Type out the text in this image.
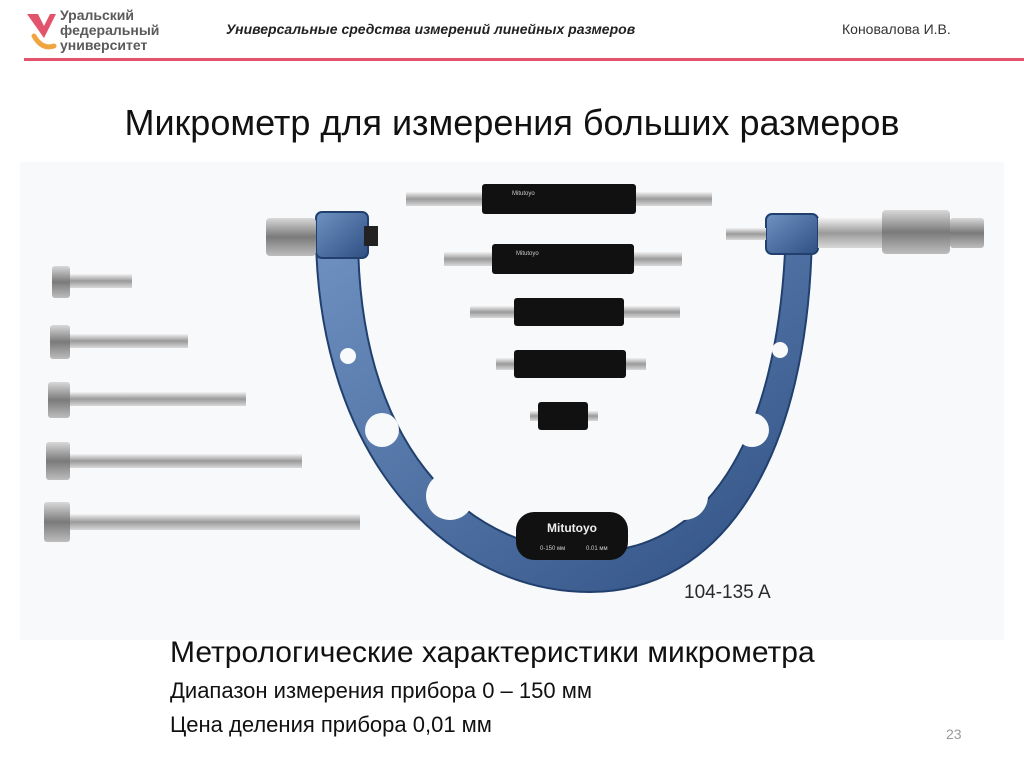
Уральский
федеральный
университет
Универсальные средства измерений линейных размеров	Коновалова И.В.
Микрометр для измерения больших размеров
Mitutoyo
Mitutoyo
Mitutoyo
0-150 мм	0.01 мм
104-135 A
Метрологические характеристики микрометра
Диапазон измерения прибора 0 – 150 мм
Цена деления прибора 0,01 мм	23
